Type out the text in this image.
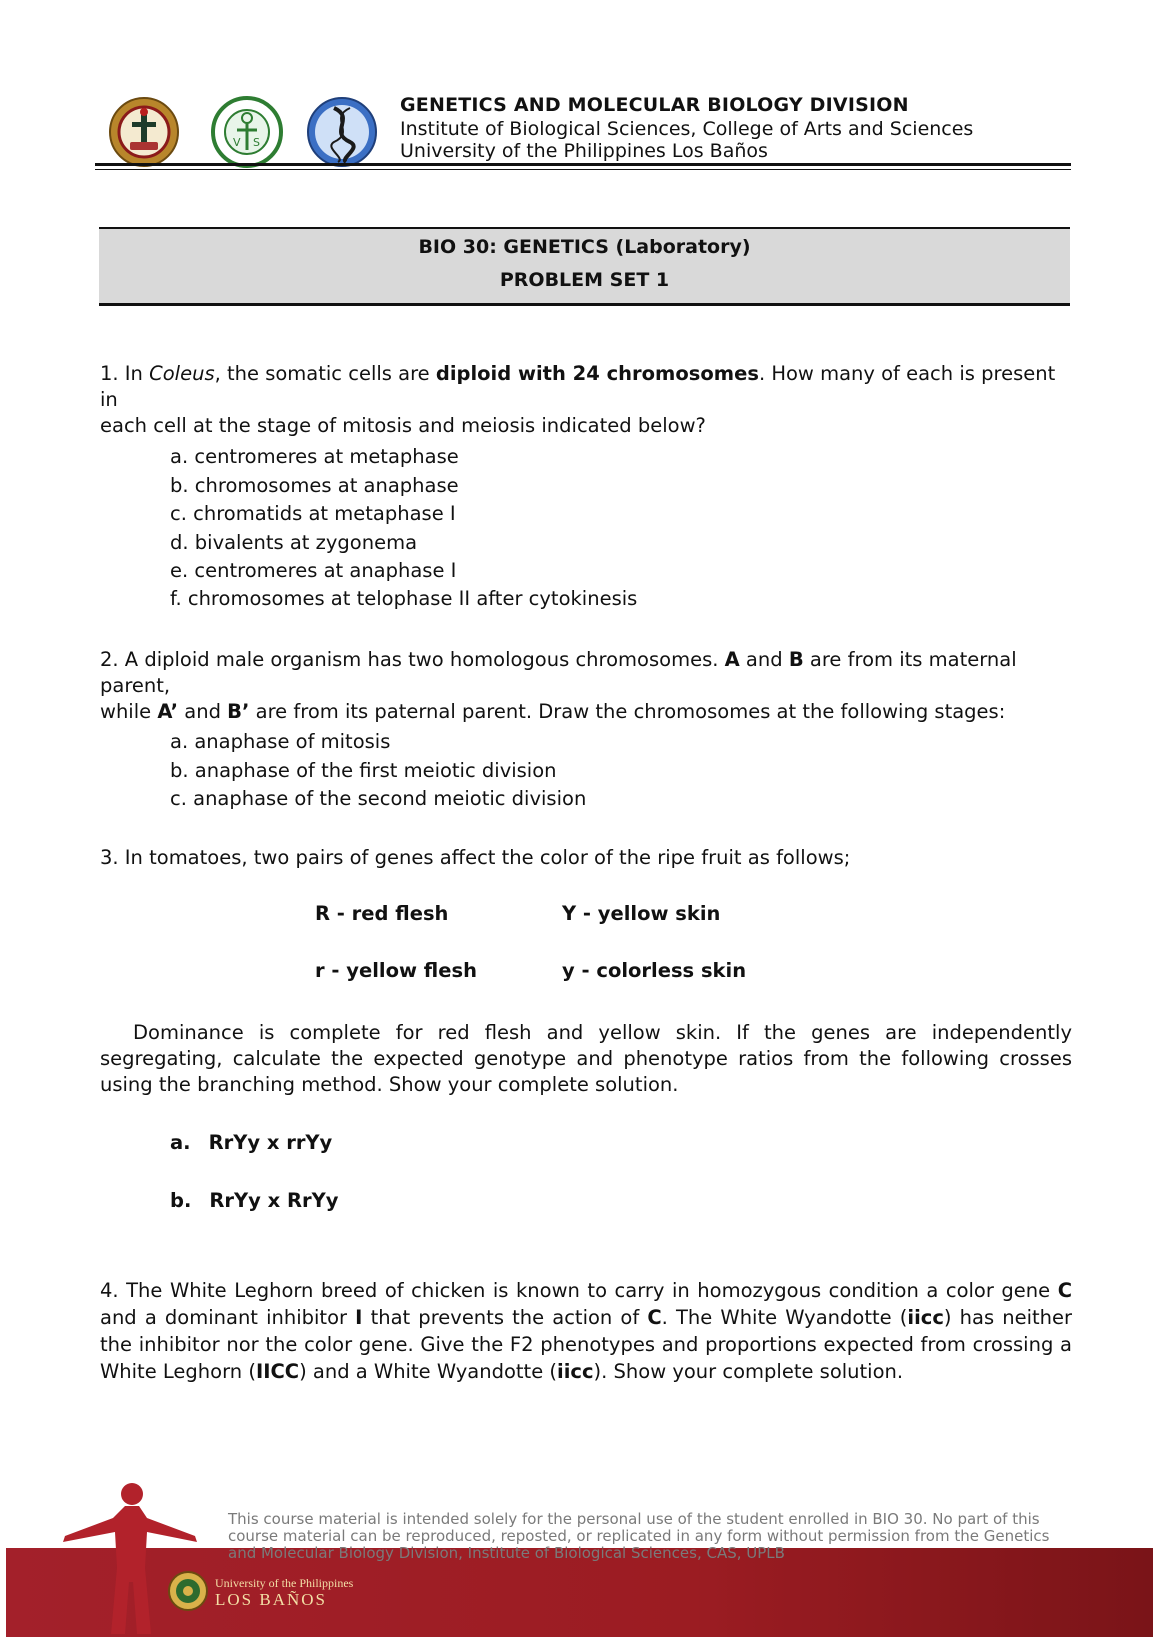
V S
GENETICS AND MOLECULAR BIOLOGY DIVISION
Institute of Biological Sciences, College of Arts and Sciences
University of the Philippines Los Baños
BIO 30: GENETICS (Laboratory)
PROBLEM SET 1
1. In Coleus, the somatic cells are diploid with 24 chromosomes. How many of each is present in
each cell at the stage of mitosis and meiosis indicated below?
a. centromeres at metaphase
b. chromosomes at anaphase
c. chromatids at metaphase I
d. bivalents at zygonema
e. centromeres at anaphase I
f. chromosomes at telophase II after cytokinesis
2. A diploid male organism has two homologous chromosomes. A and B are from its maternal parent,
while A’ and B’ are from its paternal parent. Draw the chromosomes at the following stages:
a. anaphase of mitosis
b. anaphase of the first meiotic division
c. anaphase of the second meiotic division
3. In tomatoes, two pairs of genes affect the color of the ripe fruit as follows;
R - red flesh	Y - yellow skin
r - yellow flesh	y - colorless skin
Dominance is complete for red flesh and yellow skin. If the genes are independently segregating, calculate the expected genotype and phenotype ratios from the following crosses using the branching method. Show your complete solution.
a. RrYy x rrYy
b. RrYy x RrYy
4. The White Leghorn breed of chicken is known to carry in homozygous condition a color gene C and a dominant inhibitor I that prevents the action of C. The White Wyandotte (iicc) has neither the inhibitor nor the color gene. Give the F2 phenotypes and proportions expected from crossing a White Leghorn (IICC) and a White Wyandotte (iicc). Show your complete solution.
This course material is intended solely for the personal use of the student enrolled in BIO 30. No part of this course material can be reproduced, reposted, or replicated in any form without permission from the Genetics and Molecular Biology Division, Institute of Biological Sciences, CAS, UPLB
University of the Philippines
LOS BAÑOS
